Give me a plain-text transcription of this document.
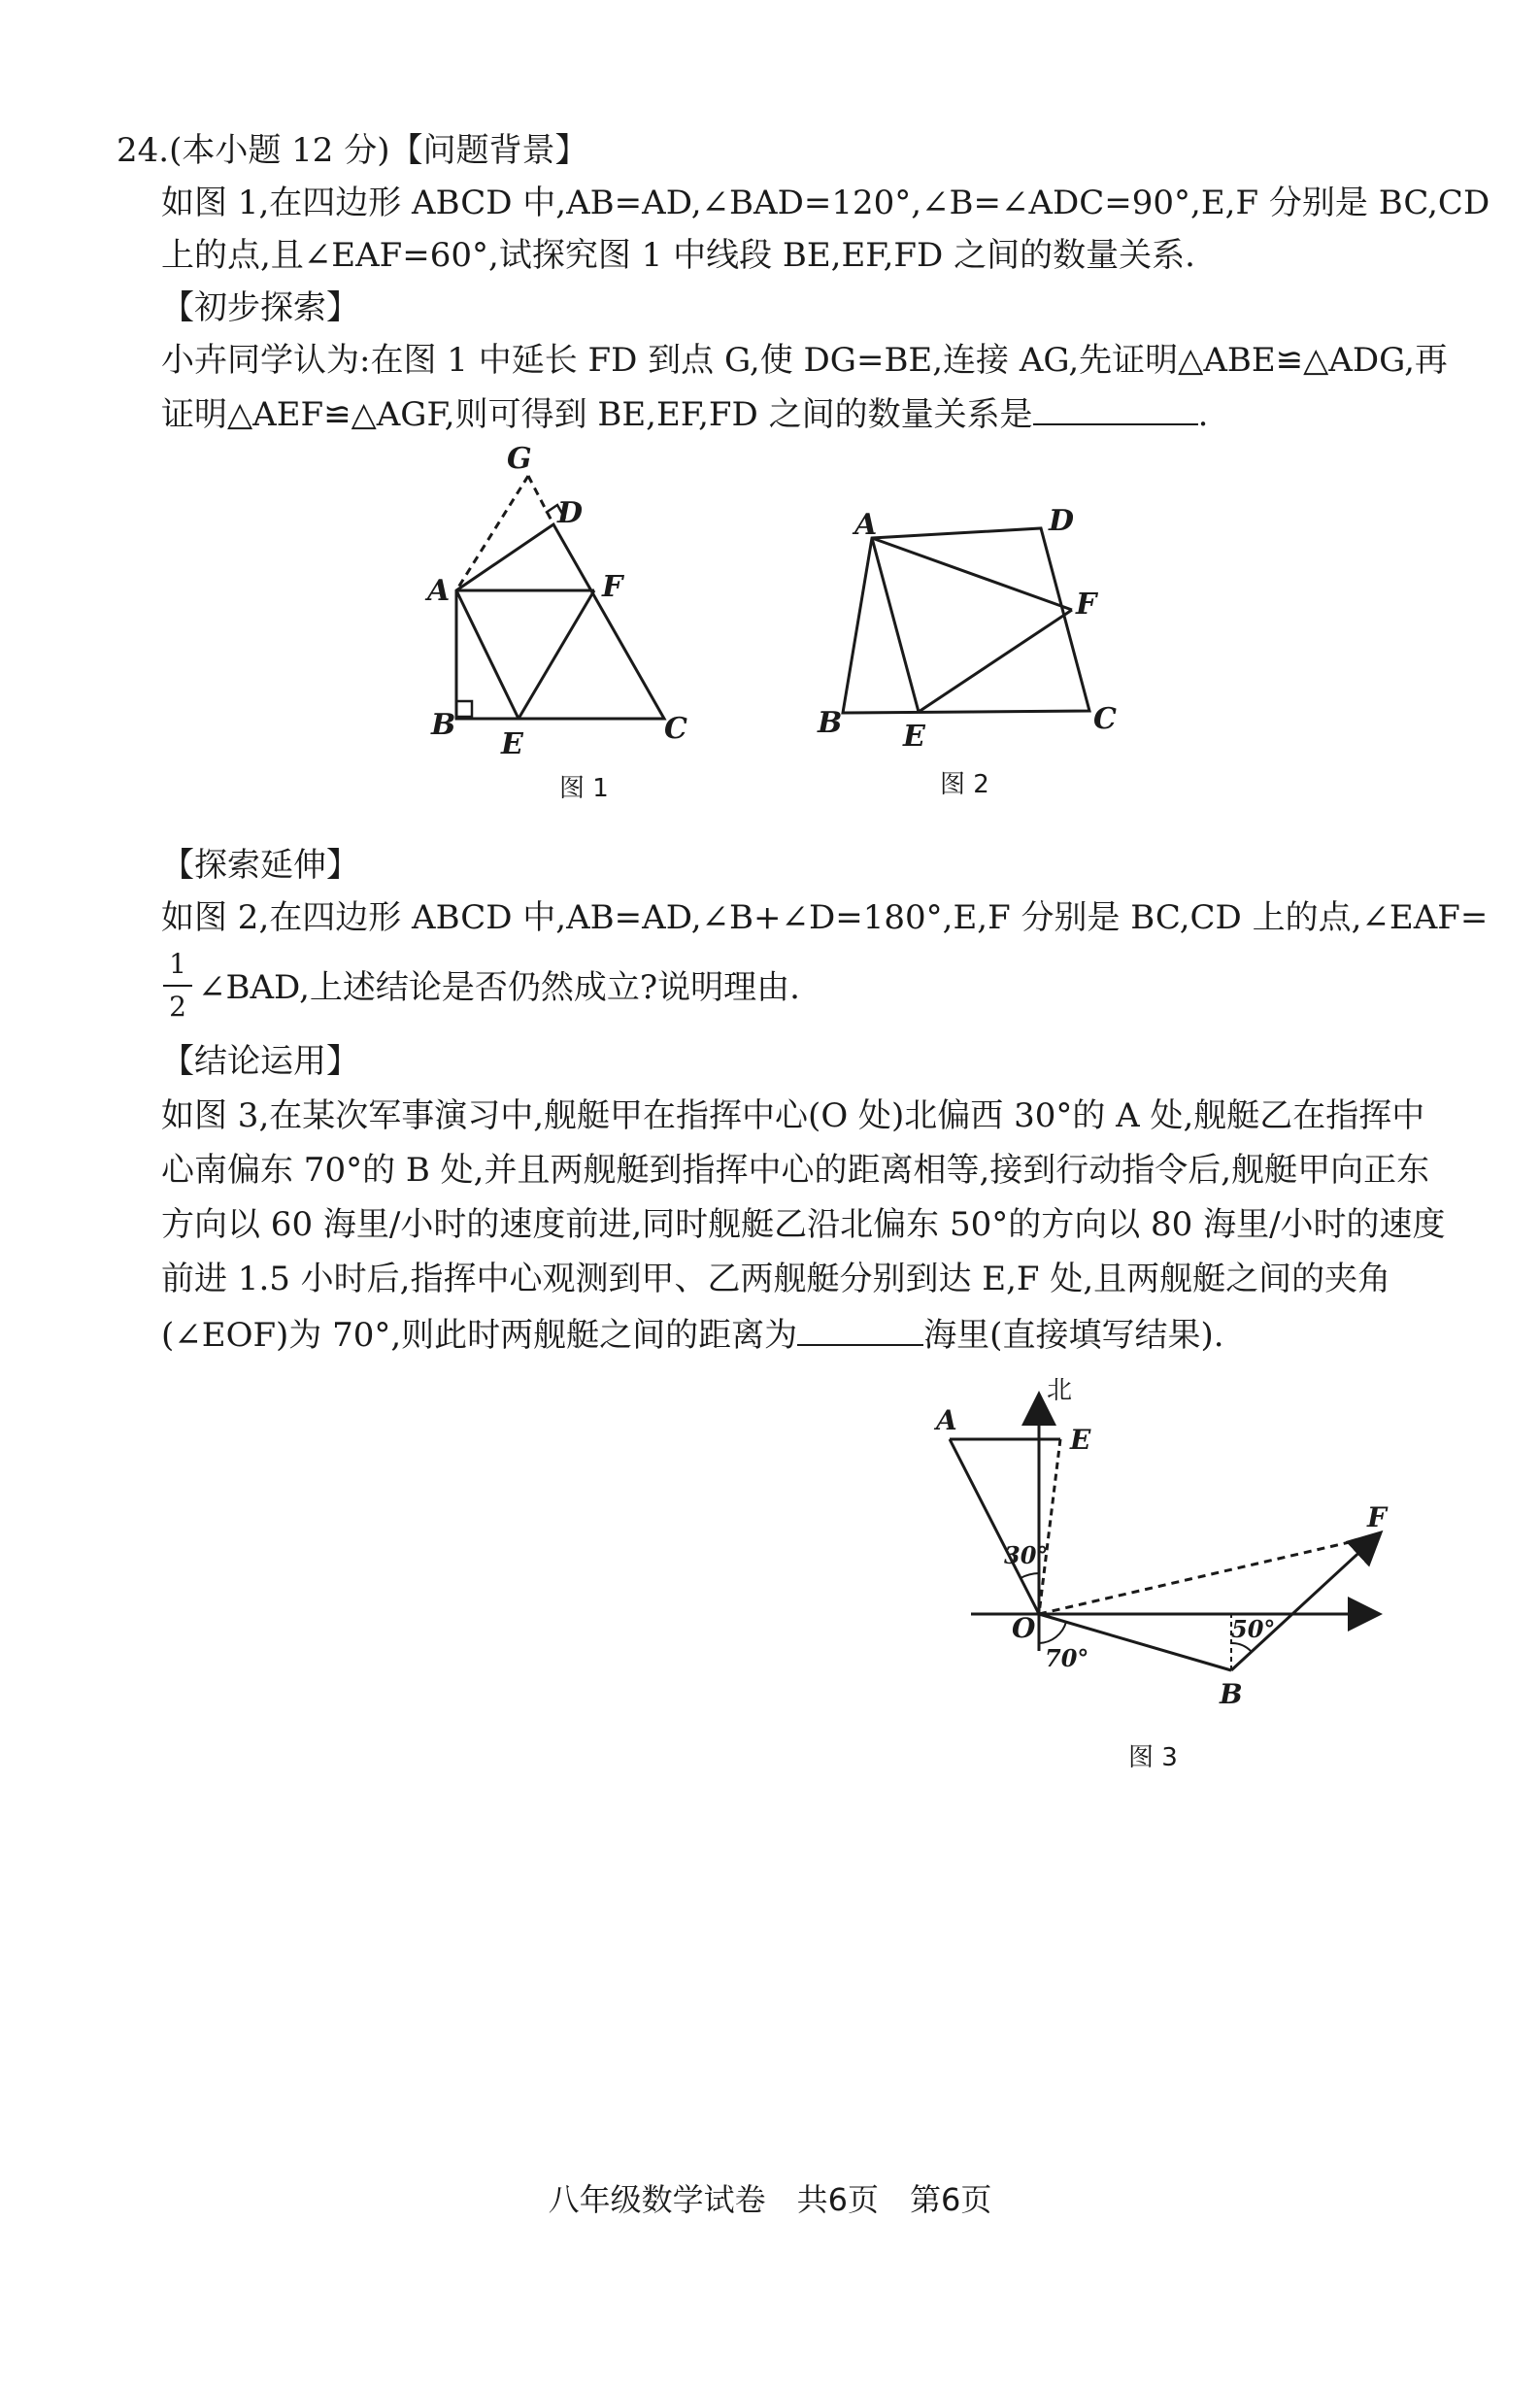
24.(本小题 12 分)【问题背景】
如图 1,在四边形 ABCD 中,AB=AD,∠BAD=120°,∠B=∠ADC=90°,E,F 分别是 BC,CD
上的点,且∠EAF=60°,试探究图 1 中线段 BE,EF,FD 之间的数量关系.
【初步探索】
小卉同学认为:在图 1 中延长 FD 到点 G,使 DG=BE,连接 AG,先证明△ABE≌△ADG,再
证明△AEF≌△AGF,则可得到 BE,EF,FD 之间的数量关系是	.
G
D
A	F
B
E	C
图 1
A	D
F
B E
C
图 2
【探索延伸】
如图 2,在四边形 ABCD 中,AB=AD,∠B+∠D=180°,E,F 分别是 BC,CD 上的点,∠EAF=
1
2 ∠BAD,上述结论是否仍然成立?说明理由.
【结论运用】
如图 3,在某次军事演习中,舰艇甲在指挥中心(O 处)北偏西 30°的 A 处,舰艇乙在指挥中
心南偏东 70°的 B 处,并且两舰艇到指挥中心的距离相等,接到行动指令后,舰艇甲向正东
方向以 60 海里/小时的速度前进,同时舰艇乙沿北偏东 50°的方向以 80 海里/小时的速度
前进 1.5 小时后,指挥中心观测到甲、乙两舰艇分别到达 E,F 处,且两舰艇之间的夹角
(∠EOF)为 70°,则此时两舰艇之间的距离为	海里(直接填写结果).
北
A
E
F
O
B
30°
70°
50°
图 3
八年级数学试卷　共6页　第6页
